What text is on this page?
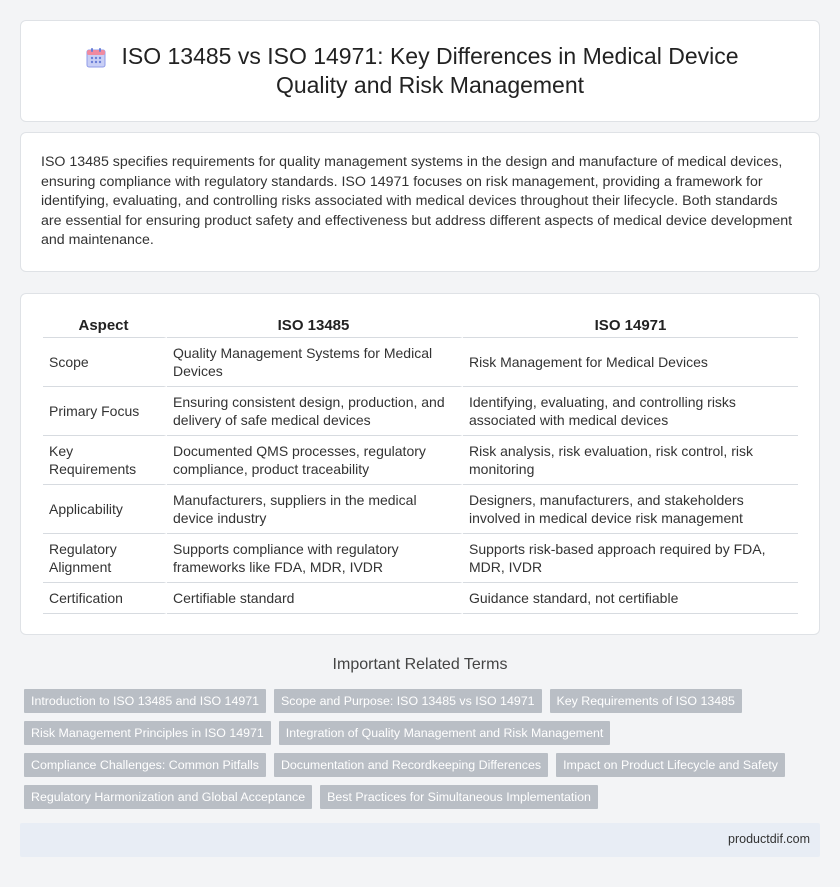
ISO 13485 vs ISO 14971: Key Differences in Medical Device Quality and Risk Management

ISO 13485 specifies requirements for quality management systems in the design and manufacture of medical devices, ensuring compliance with regulatory standards. ISO 14971 focuses on risk management, providing a framework for identifying, evaluating, and controlling risks associated with medical devices throughout their lifecycle. Both standards are essential for ensuring product safety and effectiveness but address different aspects of medical device development and maintenance.

Aspect	ISO 13485	ISO 14971
Scope	Quality Management Systems for Medical Devices	Risk Management for Medical Devices
Primary Focus	Ensuring consistent design, production, and delivery of safe medical devices	Identifying, evaluating, and controlling risks associated with medical devices
Key Requirements	Documented QMS processes, regulatory compliance, product traceability	Risk analysis, risk evaluation, risk control, risk monitoring
Applicability	Manufacturers, suppliers in the medical device industry	Designers, manufacturers, and stakeholders involved in medical device risk management
Regulatory Alignment	Supports compliance with regulatory frameworks like FDA, MDR, IVDR	Supports risk-based approach required by FDA, MDR, IVDR
Certification	Certifiable standard	Guidance standard, not certifiable
Important Related Terms
Introduction to ISO 13485 and ISO 14971	Scope and Purpose: ISO 13485 vs ISO 14971	Key Requirements of ISO 13485
Risk Management Principles in ISO 14971	Integration of Quality Management and Risk Management
Compliance Challenges: Common Pitfalls	Documentation and Recordkeeping Differences	Impact on Product Lifecycle and Safety
Regulatory Harmonization and Global Acceptance	Best Practices for Simultaneous Implementation
productdif.com
